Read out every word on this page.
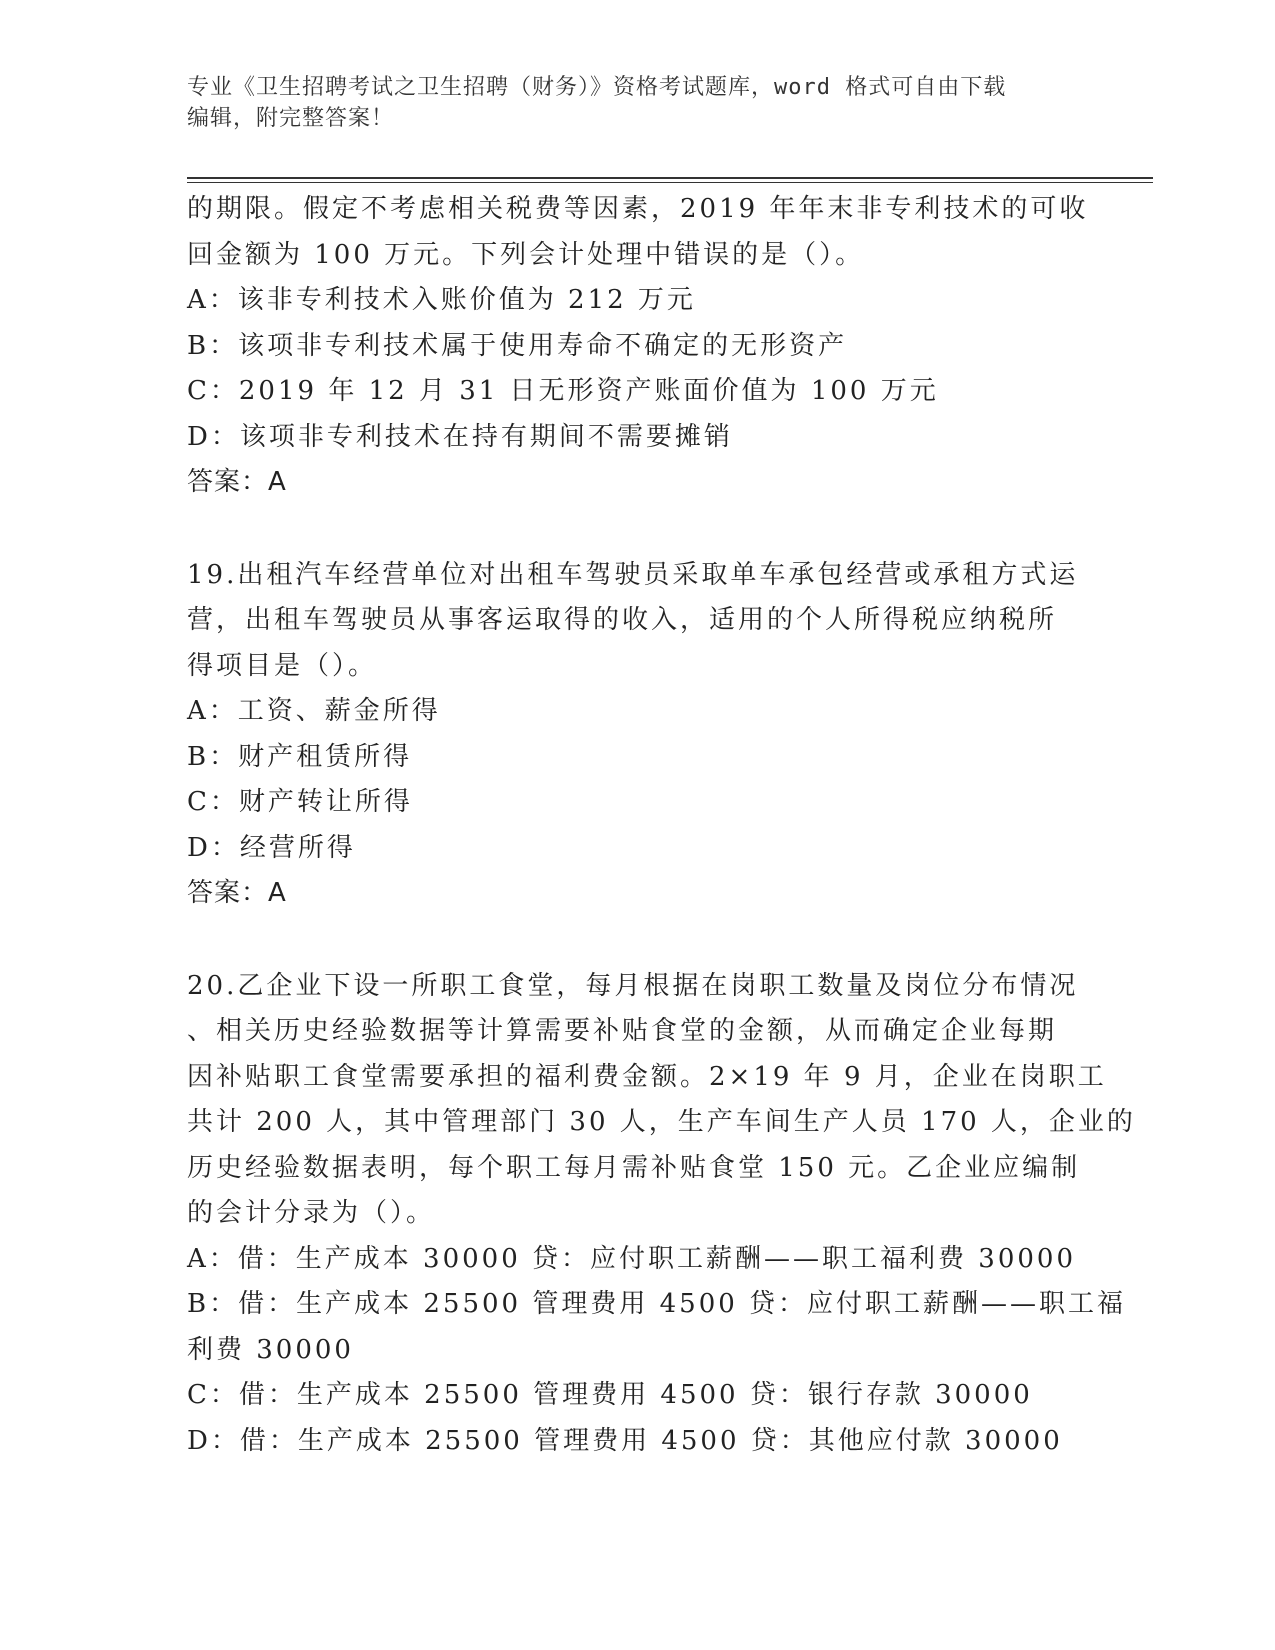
专业《卫生招聘考试之卫生招聘（财务）》资格考试题库，word 格式可自由下载
编辑，附完整答案！
的期限。假定不考虑相关税费等因素，2019 年年末非专利技术的可收
回金额为 100 万元。下列会计处理中错误的是（）。
A：该非专利技术入账价值为 212 万元
B：该项非专利技术属于使用寿命不确定的无形资产
C：2019 年 12 月 31 日无形资产账面价值为 100 万元
D：该项非专利技术在持有期间不需要摊销
答案：A
19.出租汽车经营单位对出租车驾驶员采取单车承包经营或承租方式运
营，出租车驾驶员从事客运取得的收入，适用的个人所得税应纳税所
得项目是（）。
A：工资、薪金所得
B：财产租赁所得
C：财产转让所得
D：经营所得
答案：A
20.乙企业下设一所职工食堂，每月根据在岗职工数量及岗位分布情况
、相关历史经验数据等计算需要补贴食堂的金额，从而确定企业每期
因补贴职工食堂需要承担的福利费金额。2×19 年 9 月，企业在岗职工
共计 200 人，其中管理部门 30 人，生产车间生产人员 170 人，企业的
历史经验数据表明，每个职工每月需补贴食堂 150 元。乙企业应编制
的会计分录为（）。
A：借：生产成本 30000 贷：应付职工薪酬——职工福利费 30000
B：借：生产成本 25500 管理费用 4500 贷：应付职工薪酬——职工福
利费 30000
C：借：生产成本 25500 管理费用 4500 贷：银行存款 30000
D：借：生产成本 25500 管理费用 4500 贷：其他应付款 30000
